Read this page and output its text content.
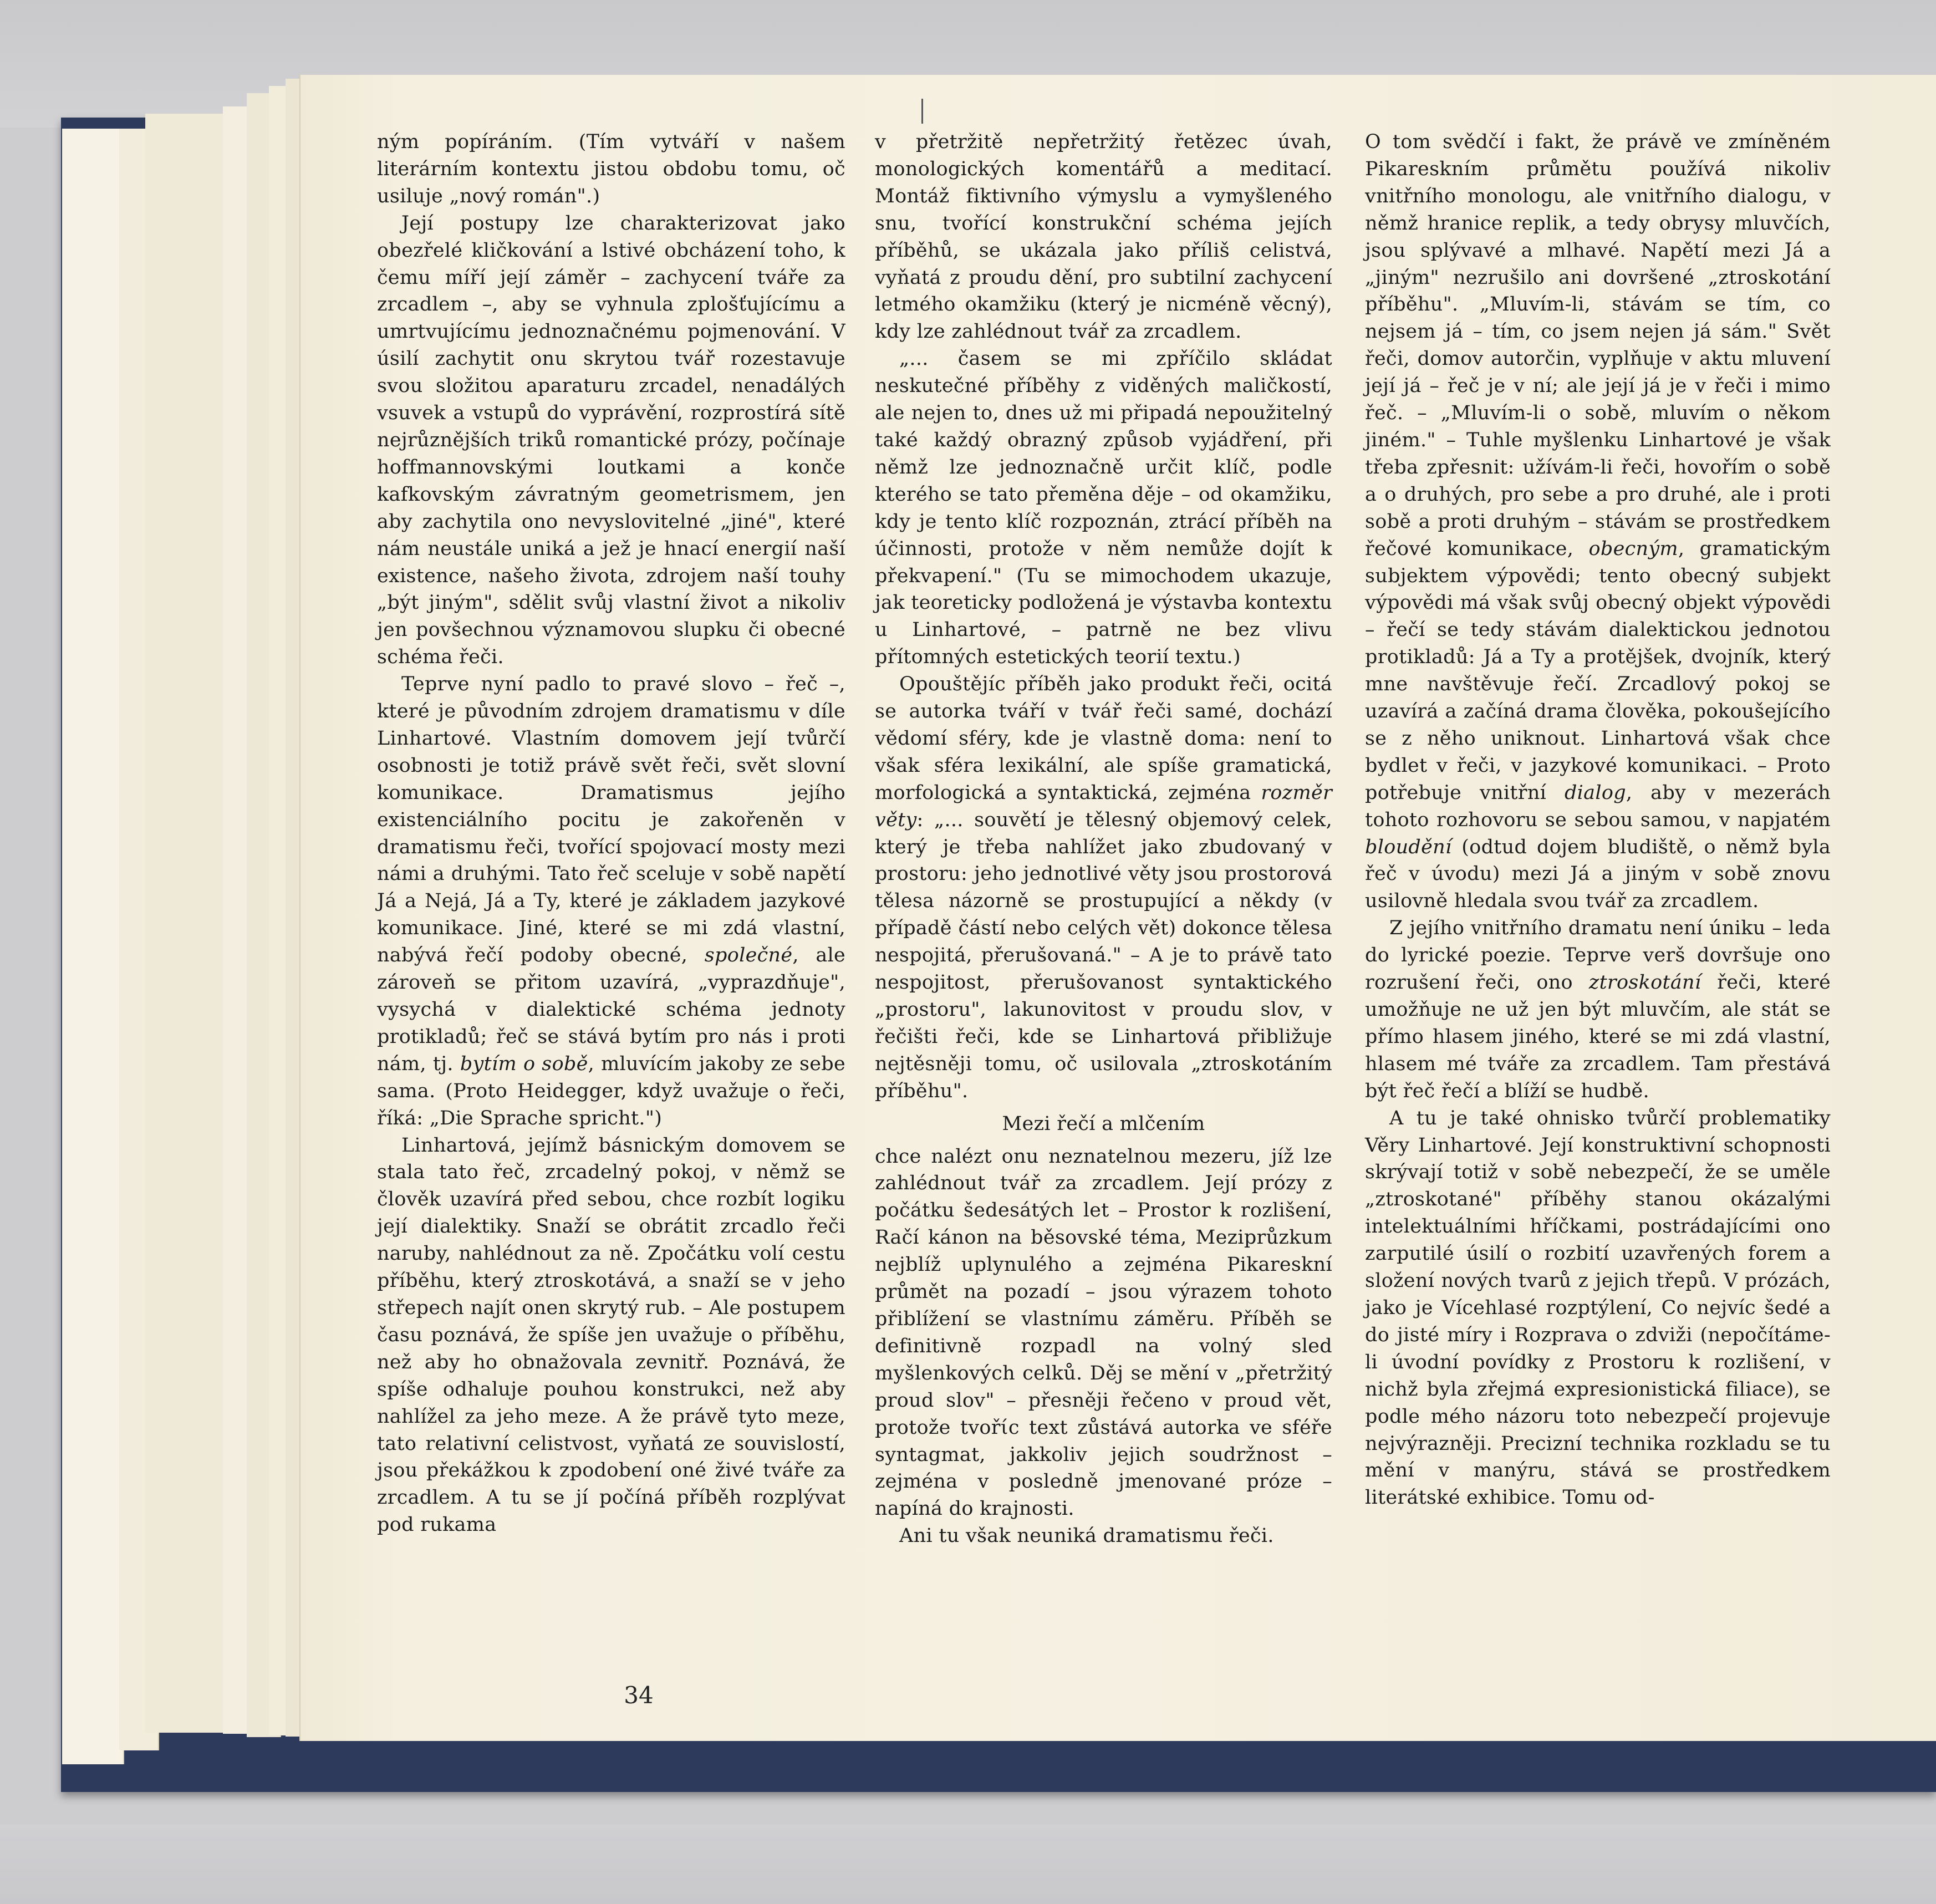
ným popíráním. (Tím vytváří v našem literárním kontextu jistou obdobu tomu, oč usiluje „nový román".)

Její postupy lze charakterizovat jako obezřelé kličkování a lstivé obcházení toho, k čemu míří její záměr – zachycení tváře za zrcadlem –, aby se vyhnula zplošťujícímu a umrtvujícímu jednoznačnému pojmenování. V úsilí zachytit onu skrytou tvář rozestavuje svou složitou aparaturu zrcadel, nenadálých vsuvek a vstupů do vyprávění, rozprostírá sítě nejrůznějších triků romantické prózy, počínaje hoffmannovskými loutkami a konče kafkovským závratným geometrismem, jen aby zachytila ono nevyslovitelné „jiné", které nám neustále uniká a jež je hnací energií naší existence, našeho života, zdrojem naší touhy „být jiným", sdělit svůj vlastní život a nikoliv jen povšechnou významovou slupku či obecné schéma řeči.

Teprve nyní padlo to pravé slovo – řeč –, které je původním zdrojem dramatismu v díle Linhartové. Vlastním domovem její tvůrčí osobnosti je totiž právě svět řeči, svět slovní komunikace. Dramatismus jejího existenciálního pocitu je zakořeněn v dramatismu řeči, tvořící spojovací mosty mezi námi a druhými. Tato řeč sceluje v sobě napětí Já a Nejá, Já a Ty, které je základem jazykové komunikace. Jiné, které se mi zdá vlastní, nabývá řečí podoby obecné, společné, ale zároveň se přitom uzavírá, „vyprazdňuje", vysychá v dialektické schéma jednoty protikladů; řeč se stává bytím pro nás i proti nám, tj. bytím o sobě, mluvícím jakoby ze sebe sama. (Proto Heidegger, když uvažuje o řeči, říká: „Die Sprache spricht.")

Linhartová, jejímž básnickým domovem se stala tato řeč, zrcadelný pokoj, v němž se člověk uzavírá před sebou, chce rozbít logiku její dialektiky. Snaží se obrátit zrcadlo řeči naruby, nahlédnout za ně. Zpočátku volí cestu příběhu, který ztroskotává, a snaží se v jeho střepech najít onen skrytý rub. – Ale postupem času poznává, že spíše jen uvažuje o příběhu, než aby ho obnažovala zevnitř. Poznává, že spíše odhaluje pouhou konstrukci, než aby nahlížel za jeho meze. A že právě tyto meze, tato relativní celistvost, vyňatá ze souvislostí, jsou překážkou k zpodobení oné živé tváře za zrcadlem. A tu se jí počíná příběh rozplývat pod rukama

v přetržitě nepřetržitý řetězec úvah, monologických komentářů a meditací. Montáž fiktivního výmyslu a vymyšleného snu, tvořící konstrukční schéma jejích příběhů, se ukázala jako příliš celistvá, vyňatá z proudu dění, pro subtilní zachycení letmého okamžiku (který je nicméně věcný), kdy lze zahlédnout tvář za zrcadlem.

„... časem se mi zpříčilo skládat neskutečné příběhy z viděných maličkostí, ale nejen to, dnes už mi připadá nepoužitelný také každý obrazný způsob vyjádření, při němž lze jednoznačně určit klíč, podle kterého se tato přeměna děje – od okamžiku, kdy je tento klíč rozpoznán, ztrácí příběh na účinnosti, protože v něm nemůže dojít k překvapení." (Tu se mimochodem ukazuje, jak teoreticky podložená je výstavba kontextu u Linhartové, – patrně ne bez vlivu přítomných estetických teorií textu.)

Opouštějíc příběh jako produkt řeči, ocitá se autorka tváří v tvář řeči samé, dochází vědomí sféry, kde je vlastně doma: není to však sféra lexikální, ale spíše gramatická, morfologická a syntaktická, zejména rozměr věty: „... souvětí je tělesný objemový celek, který je třeba nahlížet jako zbudovaný v prostoru: jeho jednotlivé věty jsou prostorová tělesa názorně se prostupující a někdy (v případě částí nebo celých vět) dokonce tělesa nespojitá, přerušovaná." – A je to právě tato nespojitost, přerušovanost syntaktického „prostoru", lakunovitost v proudu slov, v řečišti řeči, kde se Linhartová přibližuje nejtěsněji tomu, oč usilovala „ztroskotáním příběhu".

Mezi řečí a mlčením

chce nalézt onu neznatelnou mezeru, jíž lze zahlédnout tvář za zrcadlem. Její prózy z počátku šedesátých let – Prostor k rozlišení, Račí kánon na běsovské téma, Meziprůzkum nejblíž uplynulého a zejména Pikareskní průmět na pozadí – jsou výrazem tohoto přiblížení se vlastnímu záměru. Příběh se definitivně rozpadl na volný sled myšlenkových celků. Děj se mění v „přetržitý proud slov" – přesněji řečeno v proud vět, protože tvořίc text zůstává autorka ve sféře syntagmat, jakkoliv jejich soudržnost – zejména v posledně jmenované próze – napíná do krajnosti.

Ani tu však neuniká dramatismu řeči.

O tom svědčí i fakt, že právě ve zmíněném Pikareskním průmětu používá nikoliv vnitřního monologu, ale vnitřního dialogu, v němž hranice replik, a tedy obrysy mluvčích, jsou splývavé a mlhavé. Napětí mezi Já a „jiným" nezrušilo ani dovršené „ztroskotání příběhu". „Mluvím-li, stávám se tím, co nejsem já – tím, co jsem nejen já sám." Svět řeči, domov autorčin, vyplňuje v aktu mluvení její já – řeč je v ní; ale její já je v řeči i mimo řeč. – „Mluvím-li o sobě, mluvím o někom jiném." – Tuhle myšlenku Linhartové je však třeba zpřesnit: užívám-li řeči, hovořím o sobě a o druhých, pro sebe a pro druhé, ale i proti sobě a proti druhým – stávám se prostředkem řečové komunikace, obecným, gramatickým subjektem výpovědi; tento obecný subjekt výpovědi má však svůj obecný objekt výpovědi – řečí se tedy stávám dialektickou jednotou protikladů: Já a Ty a protějšek, dvojník, který mne navštěvuje řečí. Zrcadlový pokoj se uzavírá a začíná drama člověka, pokoušejícího se z něho uniknout. Linhartová však chce bydlet v řeči, v jazykové komunikaci. – Proto potřebuje vnitřní dialog, aby v mezerách tohoto rozhovoru se sebou samou, v napjatém bloudění (odtud dojem bludiště, o němž byla řeč v úvodu) mezi Já a jiným v sobě znovu usilovně hledala svou tvář za zrcadlem.

Z jejího vnitřního dramatu není úniku – leda do lyrické poezie. Teprve verš dovršuje ono rozrušení řeči, ono ztroskotání řeči, které umožňuje ne už jen být mluvčím, ale stát se přímo hlasem jiného, které se mi zdá vlastní, hlasem mé tváře za zrcadlem. Tam přestává být řeč řečí a blíží se hudbě.

A tu je také ohnisko tvůrčí problematiky Věry Linhartové. Její konstruktivní schopnosti skrývají totiž v sobě nebezpečí, že se uměle „ztroskotané" příběhy stanou okázalými intelektuálními hříčkami, postrádajícími ono zarputilé úsilí o rozbití uzavřených forem a složení nových tvarů z jejich třepů. V prózách, jako je Vícehlasé rozptýlení, Co nejvíc šedé a do jisté míry i Rozprava o zdviži (nepočítáme-li úvodní povídky z Prostoru k rozlišení, v nichž byla zřejmá expresionistická filiace), se podle mého názoru toto nebezpečí projevuje nejvýrazněji. Precizní technika rozkladu se tu mění v manýru, stává se prostředkem literátské exhibice. Tomu od-

34
